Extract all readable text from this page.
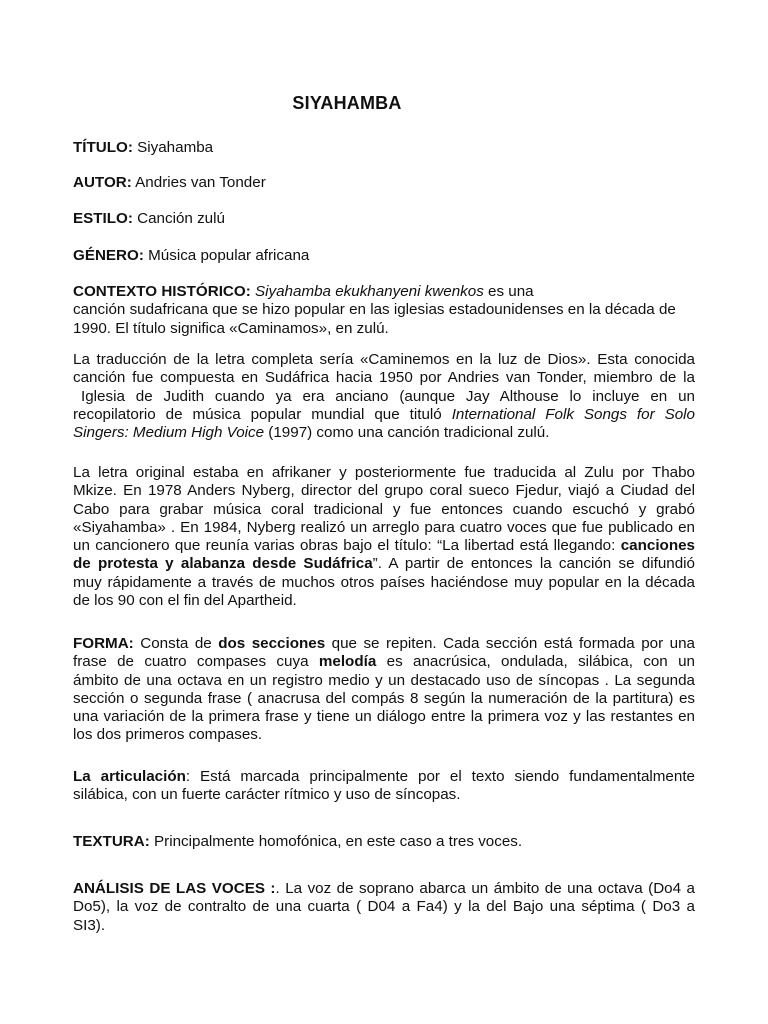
SIYAHAMBA
TÍTULO: Siyahamba
AUTOR: Andries van Tonder
ESTILO: Canción zulú
GÉNERO: Música popular africana
CONTEXTO HISTÓRICO: Siyahamba ekukhanyeni kwenkos es una
canción sudafricana que se hizo popular en las iglesias estadounidenses en la década de
1990. El título significa «Caminamos», en zulú.
La traducción de la letra completa sería «Caminemos en la luz de Dios». Esta conocida
canción fue compuesta en Sudáfrica hacia 1950 por Andries van Tonder, miembro de la
Iglesia de Judith cuando ya era anciano (aunque Jay Althouse lo incluye en un
recopilatorio de música popular mundial que tituló International Folk Songs for Solo
Singers: Medium High Voice (1997) como una canción tradicional zulú.
La letra original estaba en afrikaner y posteriormente fue traducida al Zulu por Thabo
Mkize. En 1978 Anders Nyberg, director del grupo coral sueco Fjedur, viajó a Ciudad del
Cabo para grabar música coral tradicional y fue entonces cuando escuchó y grabó
«Siyahamba» . En 1984, Nyberg realizó un arreglo para cuatro voces que fue publicado en
un cancionero que reunía varias obras bajo el título: “La libertad está llegando: canciones
de protesta y alabanza desde Sudáfrica”. A partir de entonces la canción se difundió
muy rápidamente a través de muchos otros países haciéndose muy popular en la década
de los 90 con el fin del Apartheid.
FORMA: Consta de dos secciones que se repiten. Cada sección está formada por una
frase de cuatro compases cuya melodía es anacrúsica, ondulada, silábica, con un
ámbito de una octava en un registro medio y un destacado uso de síncopas . La segunda
sección o segunda frase ( anacrusa del compás 8 según la numeración de la partitura) es
una variación de la primera frase y tiene un diálogo entre la primera voz y las restantes en
los dos primeros compases.
La articulación: Está marcada principalmente por el texto siendo fundamentalmente
silábica, con un fuerte carácter rítmico y uso de síncopas.
TEXTURA: Principalmente homofónica, en este caso a tres voces.
ANÁLISIS DE LAS VOCES :. La voz de soprano abarca un ámbito de una octava (Do4 a
Do5), la voz de contralto de una cuarta ( D04 a Fa4) y la del Bajo una séptima ( Do3 a
SI3).
